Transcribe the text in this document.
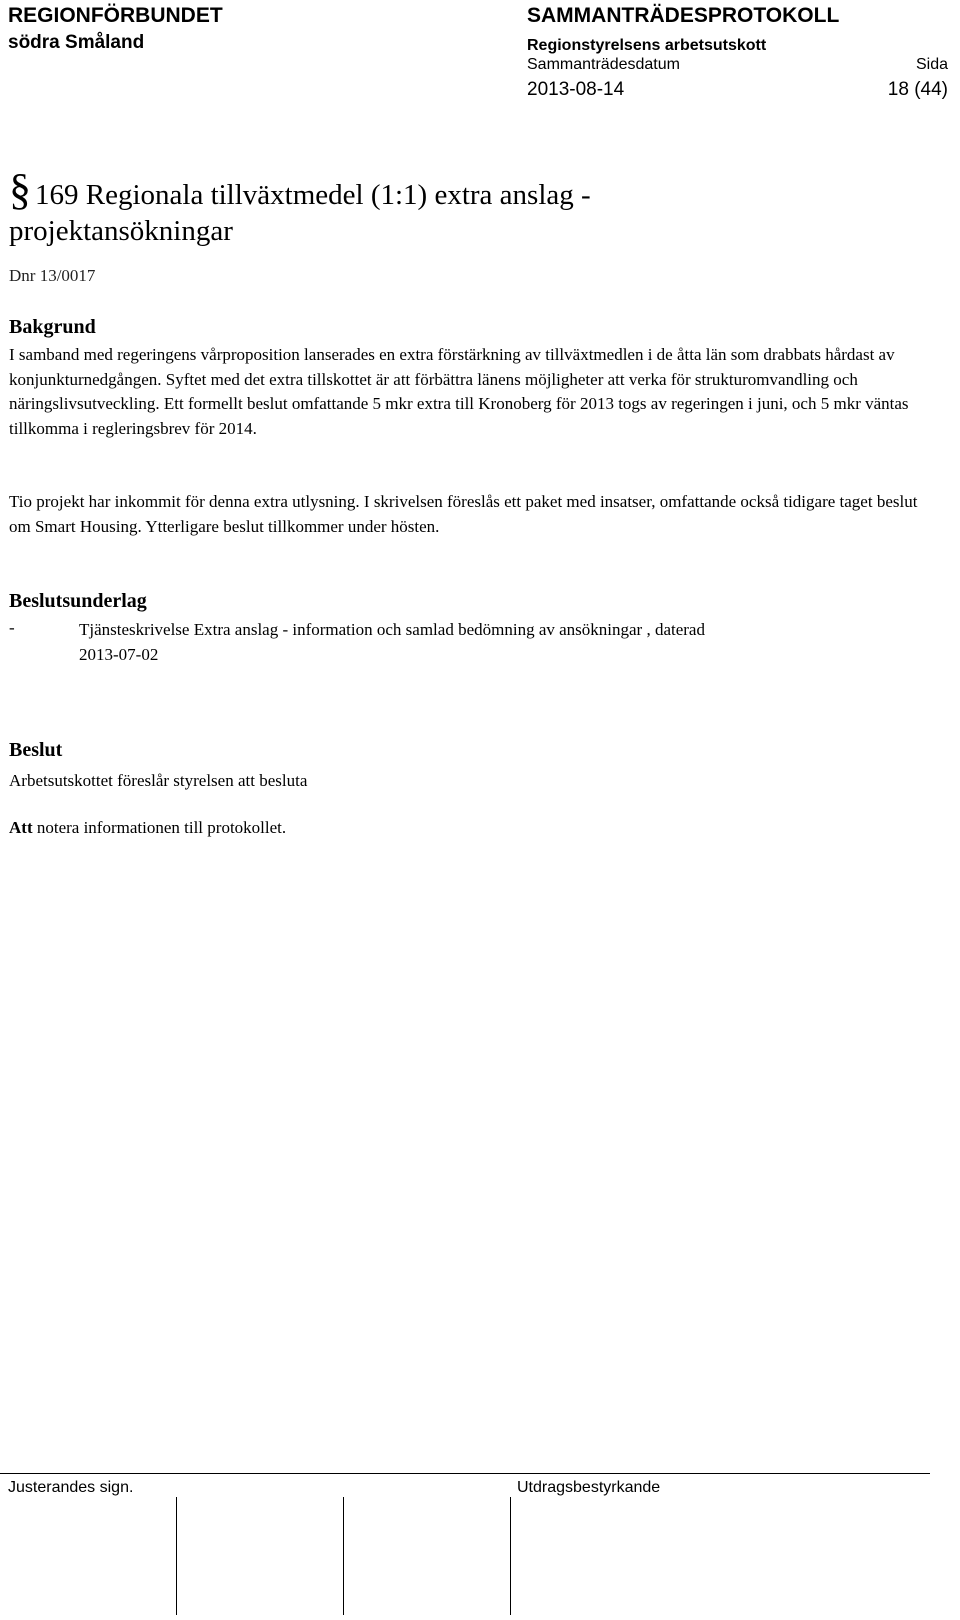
REGIONFÖRBUNDET
södra Småland
SAMMANTRÄDESPROTOKOLL
Regionstyrelsens arbetsutskott
Sammanträdesdatum	Sida
2013-08-14	18 (44)
§ 169 Regionala tillväxtmedel (1:1) extra anslag -
projektansökningar
Dnr 13/0017
Bakgrund
I samband med regeringens vårproposition lanserades en extra förstärkning av tillväxtmedlen i de åtta län som drabbats hårdast av konjunkturnedgången. Syftet med det extra tillskottet är att förbättra länens möjligheter att verka för strukturomvandling och näringslivsutveckling. Ett formellt beslut omfattande 5 mkr extra till Kronoberg för 2013 togs av regeringen i juni, och 5 mkr väntas tillkomma i regleringsbrev för 2014.
Tio projekt har inkommit för denna extra utlysning. I skrivelsen föreslås ett paket med insatser, omfattande också tidigare taget beslut om Smart Housing. Ytterligare beslut tillkommer under hösten.
Beslutsunderlag
-	Tjänsteskrivelse Extra anslag - information och samlad bedömning av ansökningar , daterad
2013-07-02
Beslut
Arbetsutskottet föreslår styrelsen att besluta
Att notera informationen till protokollet.
Justerandes sign.	Utdragsbestyrkande
